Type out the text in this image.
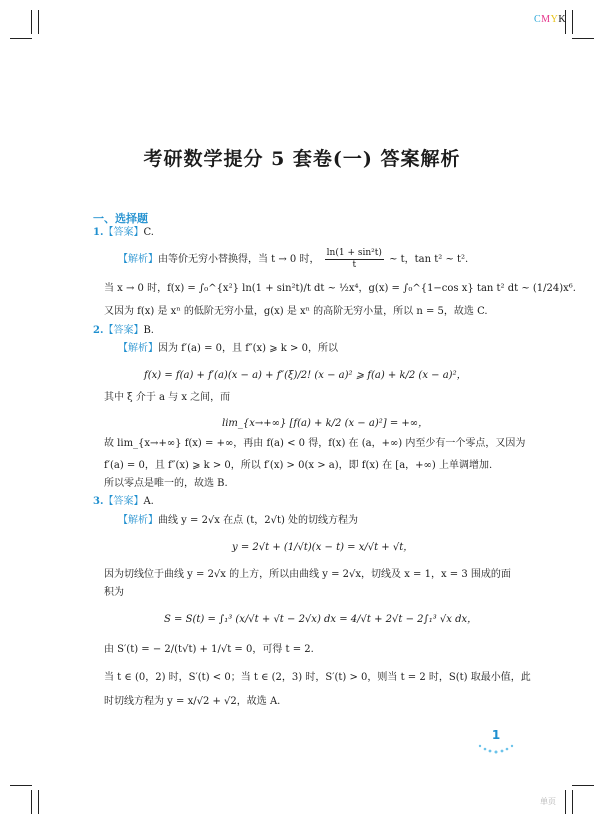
CMYK
考研数学提分 5 套卷(一) 答案解析
一、选择题
1.【答案】C.
【解析】由等价无穷小替换得，当 t → 0 时， $\frac{\text{ln(1 + sin²t)}}{t}$ ~ t，tan t² ~ t².
当 x → 0 时，f(x) = ∫₀^{x²} ln(1 + sin²t)/t dt ~ ½x⁴，g(x) = ∫₀^{1−cos x} tan t² dt ~ (1/24)x⁶.
又因为 f(x) 是 xⁿ 的低阶无穷小量，g(x) 是 xⁿ 的高阶无穷小量，所以 n = 5，故选 C.
2.【答案】B.
【解析】因为 f′(a) = 0，且 f″(x) ⩾ k > 0，所以
f(x) = f(a) + f′(a)(x − a) + f″(ξ)/2! (x − a)² ⩾ f(a) + k/2 (x − a)²，
其中 ξ 介于 a 与 x 之间，而
lim_{x→+∞} [f(a) + k/2 (x − a)²] = +∞，
故 lim_{x→+∞} f(x) = +∞，再由 f(a) < 0 得，f(x) 在 (a，+∞) 内至少有一个零点，又因为
f′(a) = 0，且 f″(x) ⩾ k > 0，所以 f′(x) > 0(x > a)，即 f(x) 在 [a，+∞) 上单调增加.
所以零点是唯一的，故选 B.
3.【答案】A.
【解析】曲线 y = 2√x 在点 (t，2√t) 处的切线方程为
y = 2√t + (1/√t)(x − t) = x/√t + √t，
因为切线位于曲线 y = 2√x 的上方，所以由曲线 y = 2√x，切线及 x = 1，x = 3 围成的面
积为
S = S(t) = ∫₁³ (x/√t + √t − 2√x) dx = 4/√t + 2√t − 2∫₁³ √x dx，
由 S′(t) = − 2/(t√t) + 1/√t = 0，可得 t = 2.
当 t ∈ (0，2) 时，S′(t) < 0；当 t ∈ (2，3) 时，S′(t) > 0，则当 t = 2 时，S(t) 取最小值，此
时切线方程为 y = x/√2 + √2，故选 A.
1
单页
